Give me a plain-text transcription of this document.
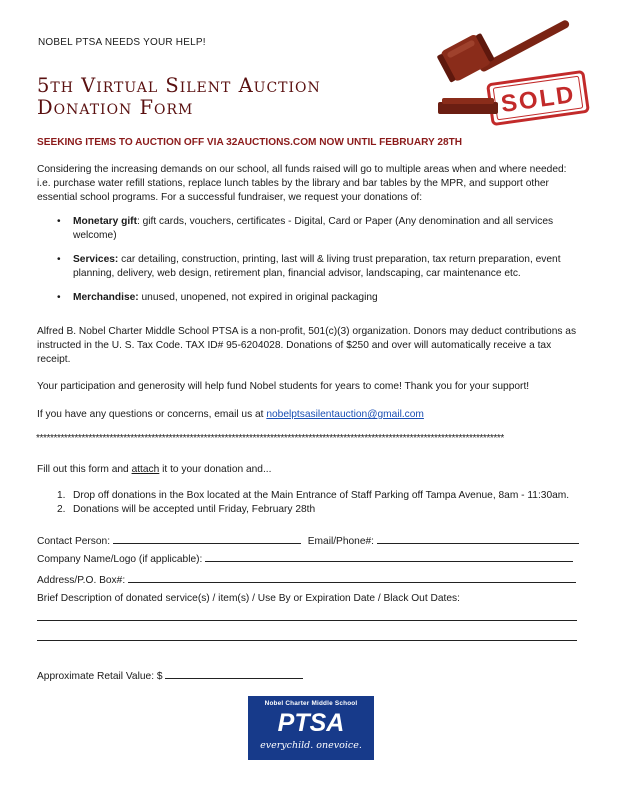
NOBEL PTSA NEEDS YOUR HELP!
SOLD
5th Virtual Silent Auction
Donation Form
SEEKING ITEMS TO AUCTION OFF VIA 32AUCTIONS.COM NOW UNTIL FEBRUARY 28TH
Considering the increasing demands on our school, all funds raised will go to multiple areas when and where needed: i.e. purchase water refill stations, replace lunch tables by the library and bar tables by the MPR, and support other essential school programs. For a successful fundraiser, we request your donations of:
• Monetary gift: gift cards, vouchers, certificates - Digital, Card or Paper (Any denomination and all services welcome)
• Services: car detailing, construction, printing, last will & living trust preparation, tax return preparation, event planning, delivery, web design, retirement plan, financial advisor, landscaping, car maintenance etc.
• Merchandise: unused, unopened, not expired in original packaging
Alfred B. Nobel Charter Middle School PTSA is a non-profit, 501(c)(3) organization. Donors may deduct contributions as instructed in the U. S. Tax Code. TAX ID# 95-6204028. Donations of $250 and over will automatically receive a tax receipt.
Your participation and generosity will help fund Nobel students for years to come! Thank you for your support!
If you have any questions or concerns, email us at nobelptsasilentauction@gmail.com
**************************************************************************************************************************************
Fill out this form and attach it to your donation and...
1. Drop off donations in the Box located at the Main Entrance of Staff Parking off Tampa Avenue, 8am - 11:30am.
2. Donations will be accepted until Friday, February 28th
Contact Person:	Email/Phone#:
Company Name/Logo (if applicable):
Address/P.O. Box#:
Brief Description of donated service(s) / item(s) / Use By or Expiration Date / Black Out Dates:
Approximate Retail Value: $
Nobel Charter Middle School
PTSA
everychild. onevoice.
